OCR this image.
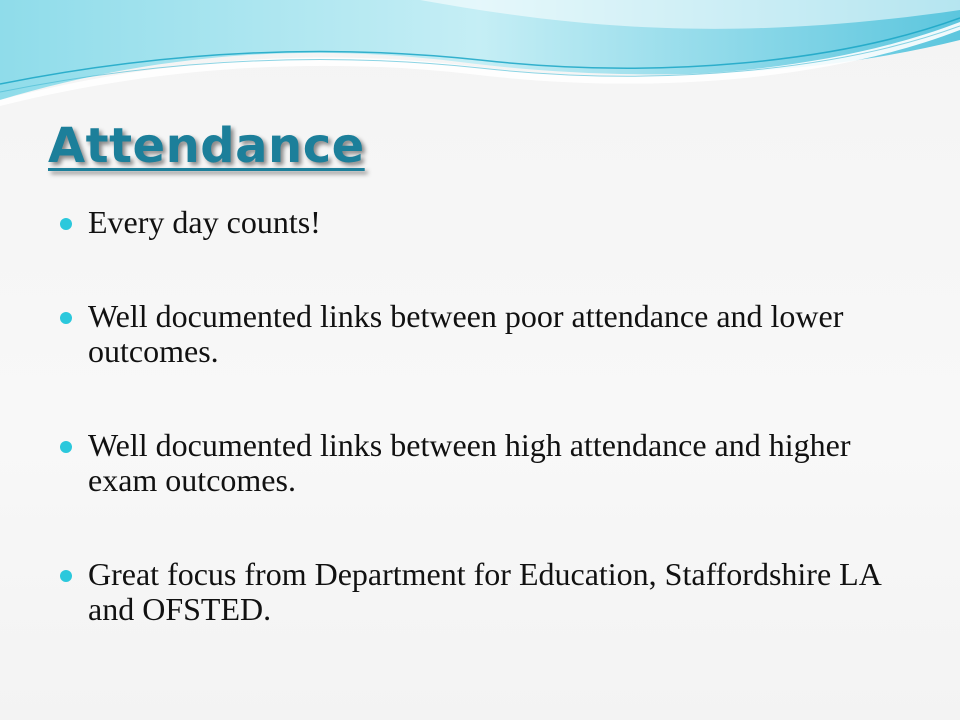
Attendance
Every day counts!
Well documented links between poor attendance and lower outcomes.
Well documented links between high attendance and higher exam outcomes.
Great focus from Department for Education, Staffordshire LA and OFSTED.
